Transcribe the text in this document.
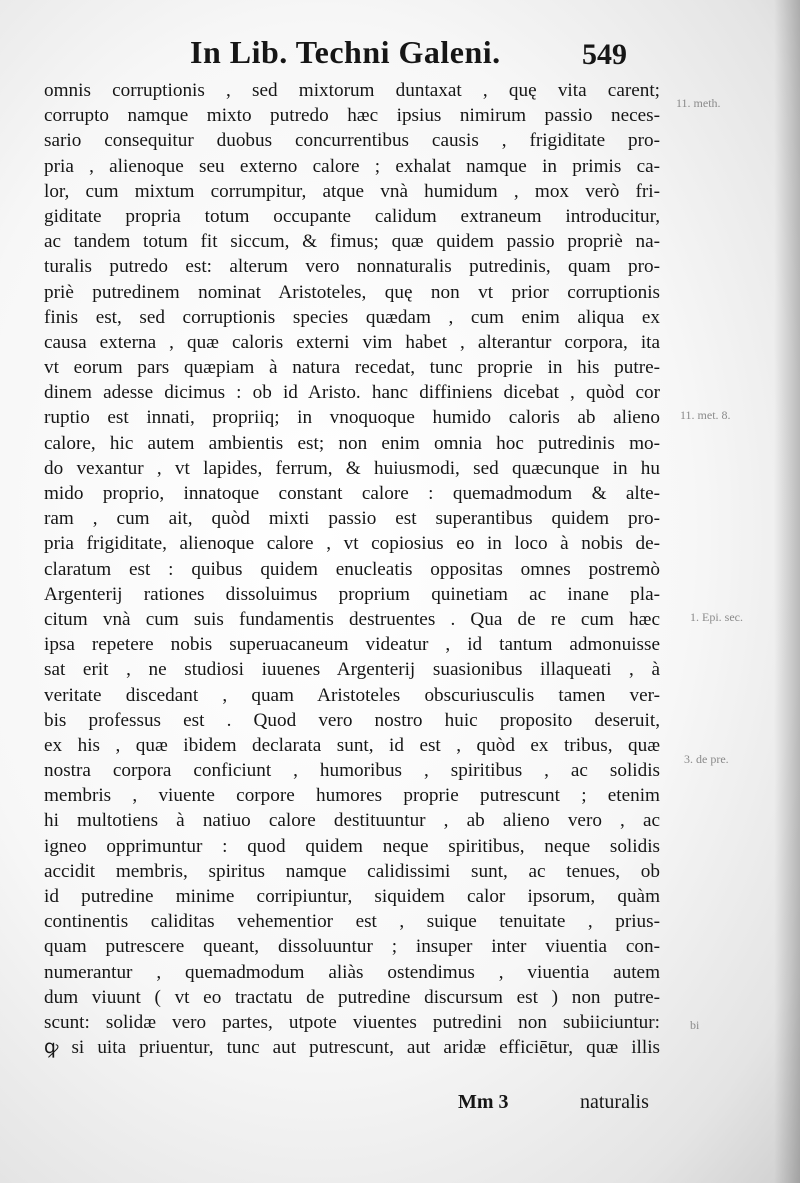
In Lib. Techni Galeni.	549
omnis corruptionis , sed mixtorum duntaxat , quę vita carent;
corrupto namque mixto putredo hæc ipsius nimirum passio neces-
sario consequitur duobus concurrentibus causis , frigiditate pro-
pria , alienoque seu externo calore ; exhalat namque in primis ca-
lor, cum mixtum corrumpitur, atque vnà humidum , mox verò fri-
giditate propria totum occupante calidum extraneum introducitur,
ac tandem totum fit siccum, & fimus; quæ quidem passio propriè na-
turalis putredo est: alterum vero nonnaturalis putredinis, quam pro-
priè putredinem nominat Aristoteles, quę non vt prior corruptionis
finis est, sed corruptionis species quædam , cum enim aliqua ex
causa externa , quæ caloris externi vim habet , alterantur corpora, ita
vt eorum pars quæpiam à natura recedat, tunc proprie in his putre-
dinem adesse dicimus : ob id Aristo. hanc diffiniens dicebat , quòd cor
ruptio est innati, propriiq; in vnoquoque humido caloris ab alieno
calore, hic autem ambientis est; non enim omnia hoc putredinis mo-
do vexantur , vt lapides, ferrum, & huiusmodi, sed quæcunque in hu
mido proprio, innatoque constant calore : quemadmodum & alte-
ram , cum ait, quòd mixti passio est superantibus quidem pro-
pria frigiditate, alienoque calore , vt copiosius eo in loco à nobis de-
claratum est : quibus quidem enucleatis oppositas omnes postremò
Argenterij rationes dissoluimus proprium quinetiam ac inane pla-
citum vnà cum suis fundamentis destruentes . Qua de re cum hæc
ipsa repetere nobis superuacaneum videatur , id tantum admonuisse
sat erit , ne studiosi iuuenes Argenterij suasionibus illaqueati , à
veritate discedant , quam Aristoteles obscuriusculis tamen ver-
bis professus est . Quod vero nostro huic proposito deseruit,
ex his , quæ ibidem declarata sunt, id est , quòd ex tribus, quæ
nostra corpora conficiunt , humoribus , spiritibus , ac solidis
membris , viuente corpore humores proprie putrescunt ; etenim
hi multotiens à natiuo calore destituuntur , ab alieno vero , ac
igneo opprimuntur : quod quidem neque spiritibus, neque solidis
accidit membris, spiritus namque calidissimi sunt, ac tenues, ob
id putredine minime corripiuntur, siquidem calor ipsorum, quàm
continentis caliditas vehementior est , suique tenuitate , prius-
quam putrescere queant, dissoluuntur ; insuper inter viuentia con-
numerantur , quemadmodum aliàs ostendimus , viuentia autem
dum viuunt ( vt eo tractatu de putredine discursum est ) non putre-
scunt: solidæ vero partes, utpote viuentes putredini non subiiciuntur:
ꝙ si uita priuentur, tunc aut putrescunt, aut aridæ efficiētur, quæ illis
11. meth.
11. met. 8.
1. Epi. sec.
3. de pre.
bi
Mm 3	naturalis
